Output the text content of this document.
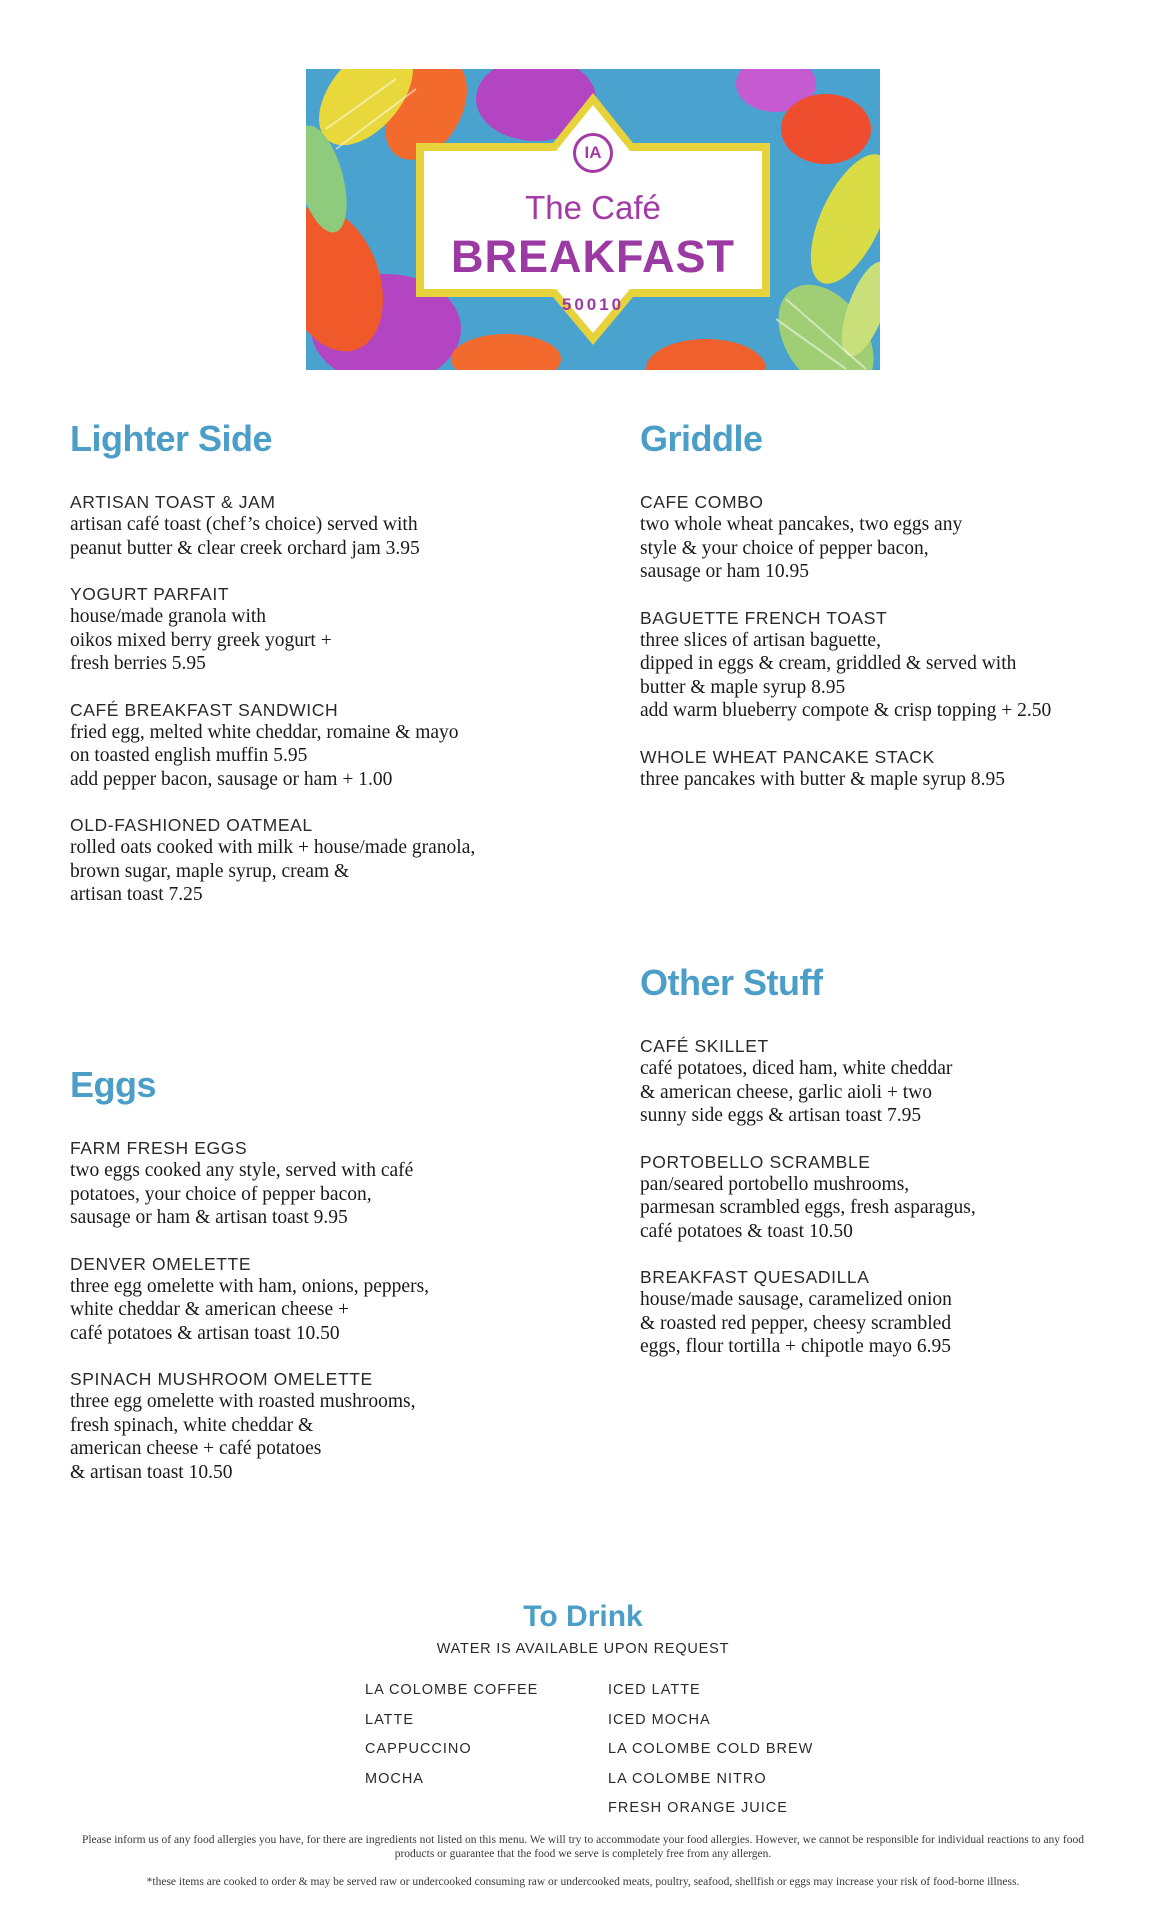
IA
The Café
BREAKFAST
50010
Lighter Side
ARTISAN TOAST & JAM
artisan café toast (chef’s choice) served with
peanut butter & clear creek orchard jam 3.95
YOGURT PARFAIT
house/made granola with
oikos mixed berry greek yogurt +
fresh berries 5.95
CAFÉ BREAKFAST SANDWICH
fried egg, melted white cheddar, romaine & mayo
on toasted english muffin 5.95
add pepper bacon, sausage or ham + 1.00
OLD-FASHIONED OATMEAL
rolled oats cooked with milk + house/made granola,
brown sugar, maple syrup, cream &
artisan toast 7.25
Griddle
CAFE COMBO
two whole wheat pancakes, two eggs any
style & your choice of pepper bacon,
sausage or ham 10.95
BAGUETTE FRENCH TOAST
three slices of artisan baguette,
dipped in eggs & cream, griddled & served with
butter & maple syrup 8.95
add warm blueberry compote & crisp topping + 2.50
WHOLE WHEAT PANCAKE STACK
three pancakes with butter & maple syrup 8.95
Other Stuff
CAFÉ SKILLET
café potatoes, diced ham, white cheddar
& american cheese, garlic aioli + two
sunny side eggs & artisan toast 7.95
PORTOBELLO SCRAMBLE
pan/seared portobello mushrooms,
parmesan scrambled eggs, fresh asparagus,
café potatoes & toast 10.50
BREAKFAST QUESADILLA
house/made sausage, caramelized onion
& roasted red pepper, cheesy scrambled
eggs, flour tortilla + chipotle mayo 6.95
Eggs
FARM FRESH EGGS
two eggs cooked any style, served with café
potatoes, your choice of pepper bacon,
sausage or ham & artisan toast 9.95
DENVER OMELETTE
three egg omelette with ham, onions, peppers,
white cheddar & american cheese +
café potatoes & artisan toast 10.50
SPINACH MUSHROOM OMELETTE
three egg omelette with roasted mushrooms,
fresh spinach, white cheddar &
american cheese + café potatoes
& artisan toast 10.50
To Drink
WATER IS AVAILABLE UPON REQUEST
LA COLOMBE COFFEE
LATTE
CAPPUCCINO
MOCHA
ICED LATTE
ICED MOCHA
LA COLOMBE COLD BREW
LA COLOMBE NITRO
FRESH ORANGE JUICE
Please inform us of any food allergies you have, for there are ingredients not listed on this menu. We will try to accommodate your food allergies. However, we cannot be responsible for individual reactions to any food products or guarantee that the food we serve is completely free from any allergen.
*these items are cooked to order & may be served raw or undercooked consuming raw or undercooked meats, poultry, seafood, shellfish or eggs may increase your risk of food-borne illness.
